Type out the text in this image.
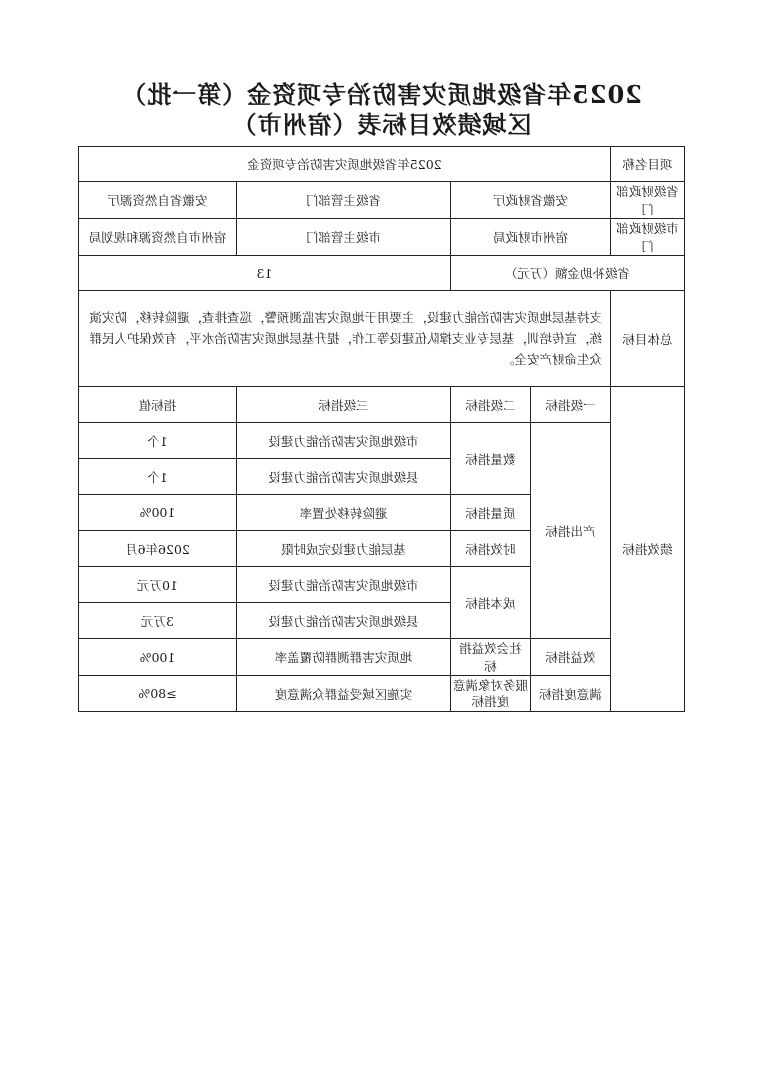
2025年省级地质灾害防治专项资金（第一批）
区域绩效目标表（宿州市）
项目名称	2025年省级地质灾害防治专项资金			
省级财政部门	安徽省财政厅		省级主管部门	安徽省自然资源厅
市级财政部门	宿州市财政局		市级主管部门	宿州市自然资源和规划局
省级补助金额（万元）			13	
总体目标	支持基层地质灾害防治能力建设，主要用于地质灾害监测预警，巡查排查，避险转移，防灾演练，宣传培训，基层专业支撑队伍建设等工作，提升基层地质灾害防治水平，有效保护人民群众生命财产安全。			
绩效指标	一级指标	二级指标	三级指标	指标值
	产出指标	数量指标	市级地质灾害防治能力建设	1个
			县级地质灾害防治能力建设	1个
		质量指标	避险转移处置率	100%
		时效指标	基层能力建设完成时限	2026年6月
		成本指标	市级地质灾害防治能力建设	10万元
			县级地质灾害防治能力建设	3万元
	效益指标	社会效益指标	地质灾害群测群防覆盖率	100%
	满意度指标	服务对象满意度指标	实施区域受益群众满意度	≥80%
